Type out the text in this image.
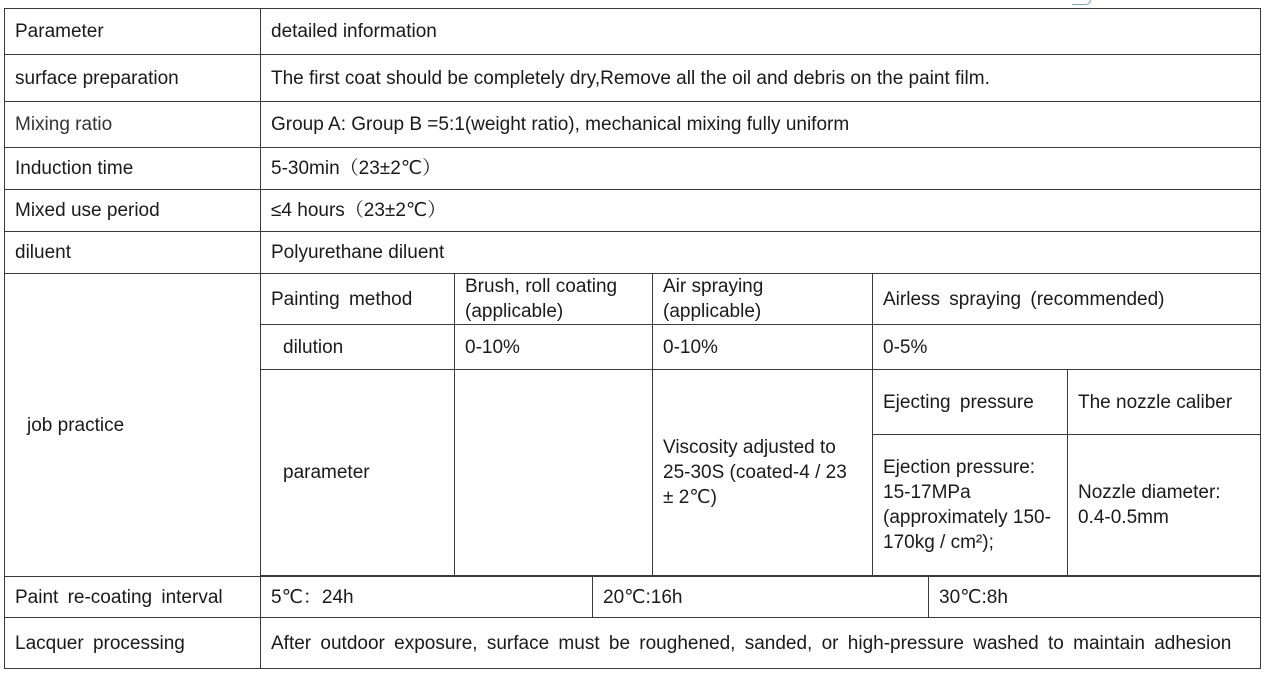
Parameter	detailed information						
surface preparation	The first coat should be completely dry,Remove all the oil and debris on the paint film.						
Mixing ratio	Group A: Group B =5:1(weight ratio), mechanical mixing fully uniform						
Induction time	5-30min（23±2℃）						
Mixed use period	≤4 hours（23±2℃）						
diluent	Polyurethane diluent						
job practice	Painting method	Brush, roll coating (applicable)		Air spraying (applicable)	Airless spraying (recommended)		
	dilution	0-10%		0-10%	0-5%		
	parameter			Viscosity adjusted to 25-30S (coated-4 / 23 ± 2℃)	Ejecting pressure		The nozzle caliber
					Ejection pressure: 15-17MPa (approximately 150-170kg / cm²);		Nozzle diameter: 0.4-0.5mm

Paint re-coating interval	5℃：24h		20℃:16h			30℃:8h	
Lacquer processing	After outdoor exposure, surface must be roughened, sanded, or high-pressure washed to maintain adhesion						
